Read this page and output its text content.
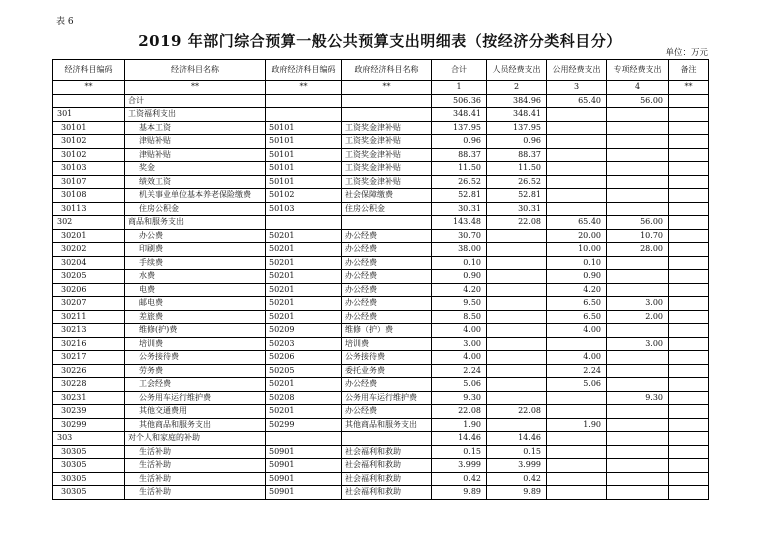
表 6
2019 年部门综合预算一般公共预算支出明细表（按经济分类科目分）
单位：万元
经济科目编码	经济科目名称	政府经济科目编码	政府经济科目名称	合计	人员经费支出	公用经费支出	专项经费支出	备注
**	**	**	**	1	2	3	4	**
	合计			506.36	384.96	65.40	56.00	
301	工资福利支出			348.41	348.41			
30101	基本工资	50101	工资奖金津补贴	137.95	137.95			
30102	津贴补贴	50101	工资奖金津补贴	0.96	0.96			
30102	津贴补贴	50101	工资奖金津补贴	88.37	88.37			
30103	奖金	50101	工资奖金津补贴	11.50	11.50			
30107	绩效工资	50101	工资奖金津补贴	26.52	26.52			
30108	机关事业单位基本养老保险缴费	50102	社会保障缴费	52.81	52.81			
30113	住房公积金	50103	住房公积金	30.31	30.31			
302	商品和服务支出			143.48	22.08	65.40	56.00	
30201	办公费	50201	办公经费	30.70		20.00	10.70	
30202	印刷费	50201	办公经费	38.00		10.00	28.00	
30204	手续费	50201	办公经费	0.10		0.10		
30205	水费	50201	办公经费	0.90		0.90		
30206	电费	50201	办公经费	4.20		4.20		
30207	邮电费	50201	办公经费	9.50		6.50	3.00	
30211	差旅费	50201	办公经费	8.50		6.50	2.00	
30213	维修(护)费	50209	维修（护）费	4.00		4.00		
30216	培训费	50203	培训费	3.00			3.00	
30217	公务接待费	50206	公务接待费	4.00		4.00		
30226	劳务费	50205	委托业务费	2.24		2.24		
30228	工会经费	50201	办公经费	5.06		5.06		
30231	公务用车运行维护费	50208	公务用车运行维护费	9.30			9.30	
30239	其他交通费用	50201	办公经费	22.08	22.08			
30299	其他商品和服务支出	50299	其他商品和服务支出	1.90		1.90		
303	对个人和家庭的补助			14.46	14.46			
30305	生活补助	50901	社会福利和救助	0.15	0.15			
30305	生活补助	50901	社会福利和救助	3.999	3.999			
30305	生活补助	50901	社会福利和救助	0.42	0.42			
30305	生活补助	50901	社会福利和救助	9.89	9.89			
